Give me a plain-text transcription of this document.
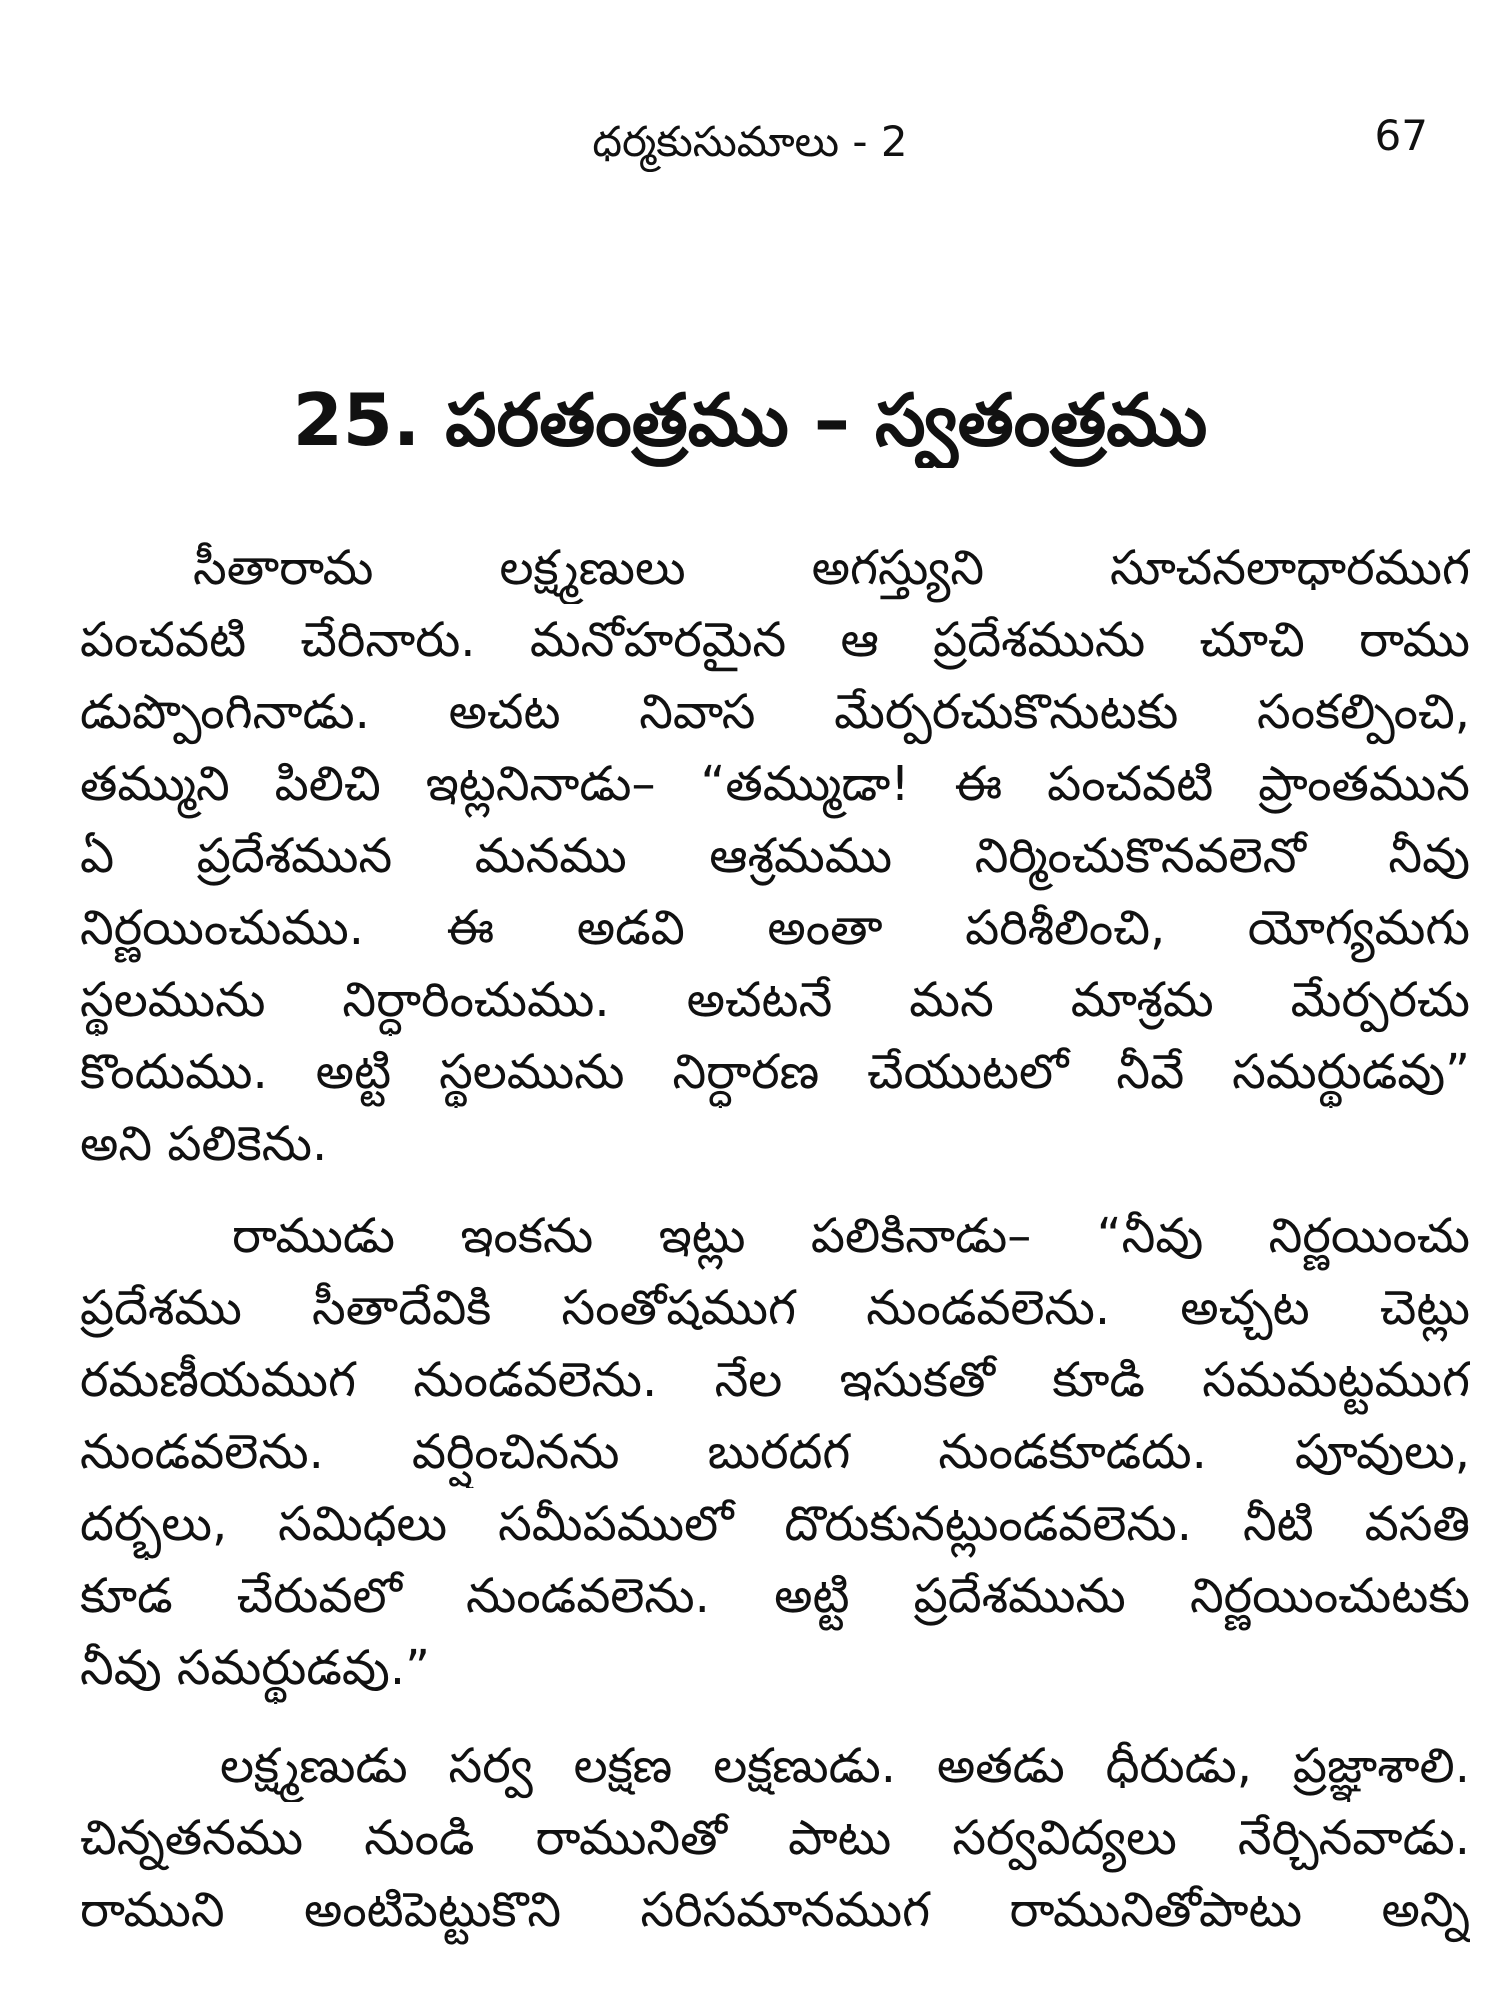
ధర్మకుసుమాలు - 2	67
25. పరతంత్రము – స్వతంత్రము
సీతారామ లక్ష్మణులు అగస్త్యుని సూచనలాధారముగ
పంచవటి చేరినారు. మనోహరమైన ఆ ప్రదేశమును చూచి రాము
డుప్పొంగినాడు. అచట నివాస మేర్పరచుకొనుటకు సంకల్పించి,
తమ్ముని పిలిచి ఇట్లనినాడు– “తమ్ముడా! ఈ పంచవటి ప్రాంతమున
ఏ ప్రదేశమున మనము ఆశ్రమము నిర్మించుకొనవలెనో నీవు
నిర్ణయించుము. ఈ అడవి అంతా పరిశీలించి, యోగ్యమగు
స్థలమును నిర్ధారించుము. అచటనే మన మాశ్రమ మేర్పరచు
కొందుము. అట్టి స్థలమును నిర్ధారణ చేయుటలో నీవే సమర్థుడవు”
అని పలికెను.
రాముడు ఇంకను ఇట్లు పలికినాడు– “నీవు నిర్ణయించు
ప్రదేశము సీతాదేవికి సంతోషముగ నుండవలెను. అచ్చట చెట్లు
రమణీయముగ నుండవలెను. నేల ఇసుకతో కూడి సమమట్టముగ
నుండవలెను. వర్షించినను బురదగ నుండకూడదు. పూవులు,
దర్భలు, సమిధలు సమీపములో దొరుకునట్లుండవలెను. నీటి వసతి
కూడ చేరువలో నుండవలెను. అట్టి ప్రదేశమును నిర్ణయించుటకు
నీవు సమర్థుడవు.”
లక్ష్మణుడు సర్వ లక్షణ లక్షణుడు. అతడు ధీరుడు, ప్రజ్ఞాశాలి.
చిన్నతనము నుండి రామునితో పాటు సర్వవిద్యలు నేర్చినవాడు.
రాముని అంటిపెట్టుకొని సరిసమానముగ రామునితోపాటు అన్ని
